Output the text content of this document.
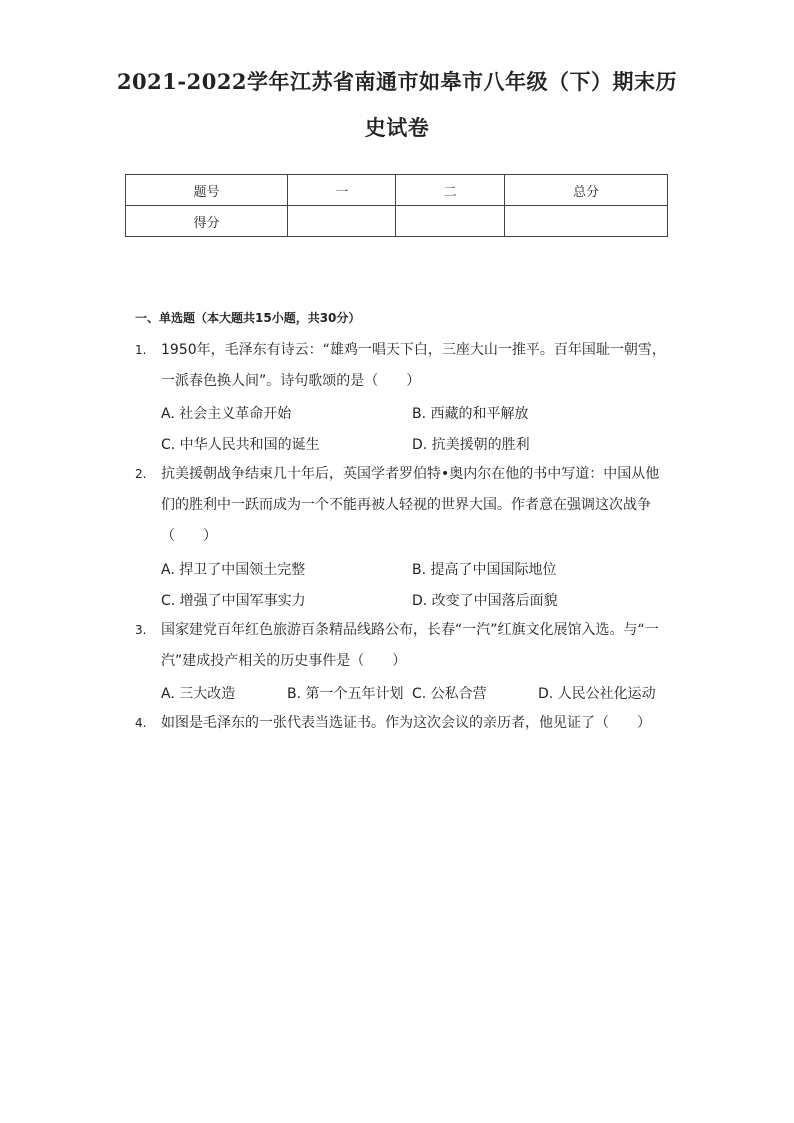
2021-2022学年江苏省南通市如皋市八年级（下）期末历
史试卷
题号	一	二	总分
得分			
一、单选题（本大题共15小题，共30分）
1. 1950年，毛泽东有诗云：“雄鸡一唱天下白，三座大山一推平。百年国耻一朝雪，
一派春色换人间”。诗句歌颂的是（　　）
A. 社会主义革命开始	B. 西藏的和平解放
C. 中华人民共和国的诞生	D. 抗美援朝的胜利
2. 抗美援朝战争结束几十年后，英国学者罗伯特•奥内尔在他的书中写道：中国从他
们的胜利中一跃而成为一个不能再被人轻视的世界大国。作者意在强调这次战争
（　　）
A. 捍卫了中国领土完整	B. 提高了中国国际地位
C. 增强了中国军事实力	D. 改变了中国落后面貌
3. 国家建党百年红色旅游百条精品线路公布，长春“一汽”红旗文化展馆入选。与“一
汽”建成投产相关的历史事件是（　　）
A. 三大改造	B. 第一个五年计划 C. 公私合营	D. 人民公社化运动
4. 如图是毛泽东的一张代表当选证书。作为这次会议的亲历者，他见证了（　　）
